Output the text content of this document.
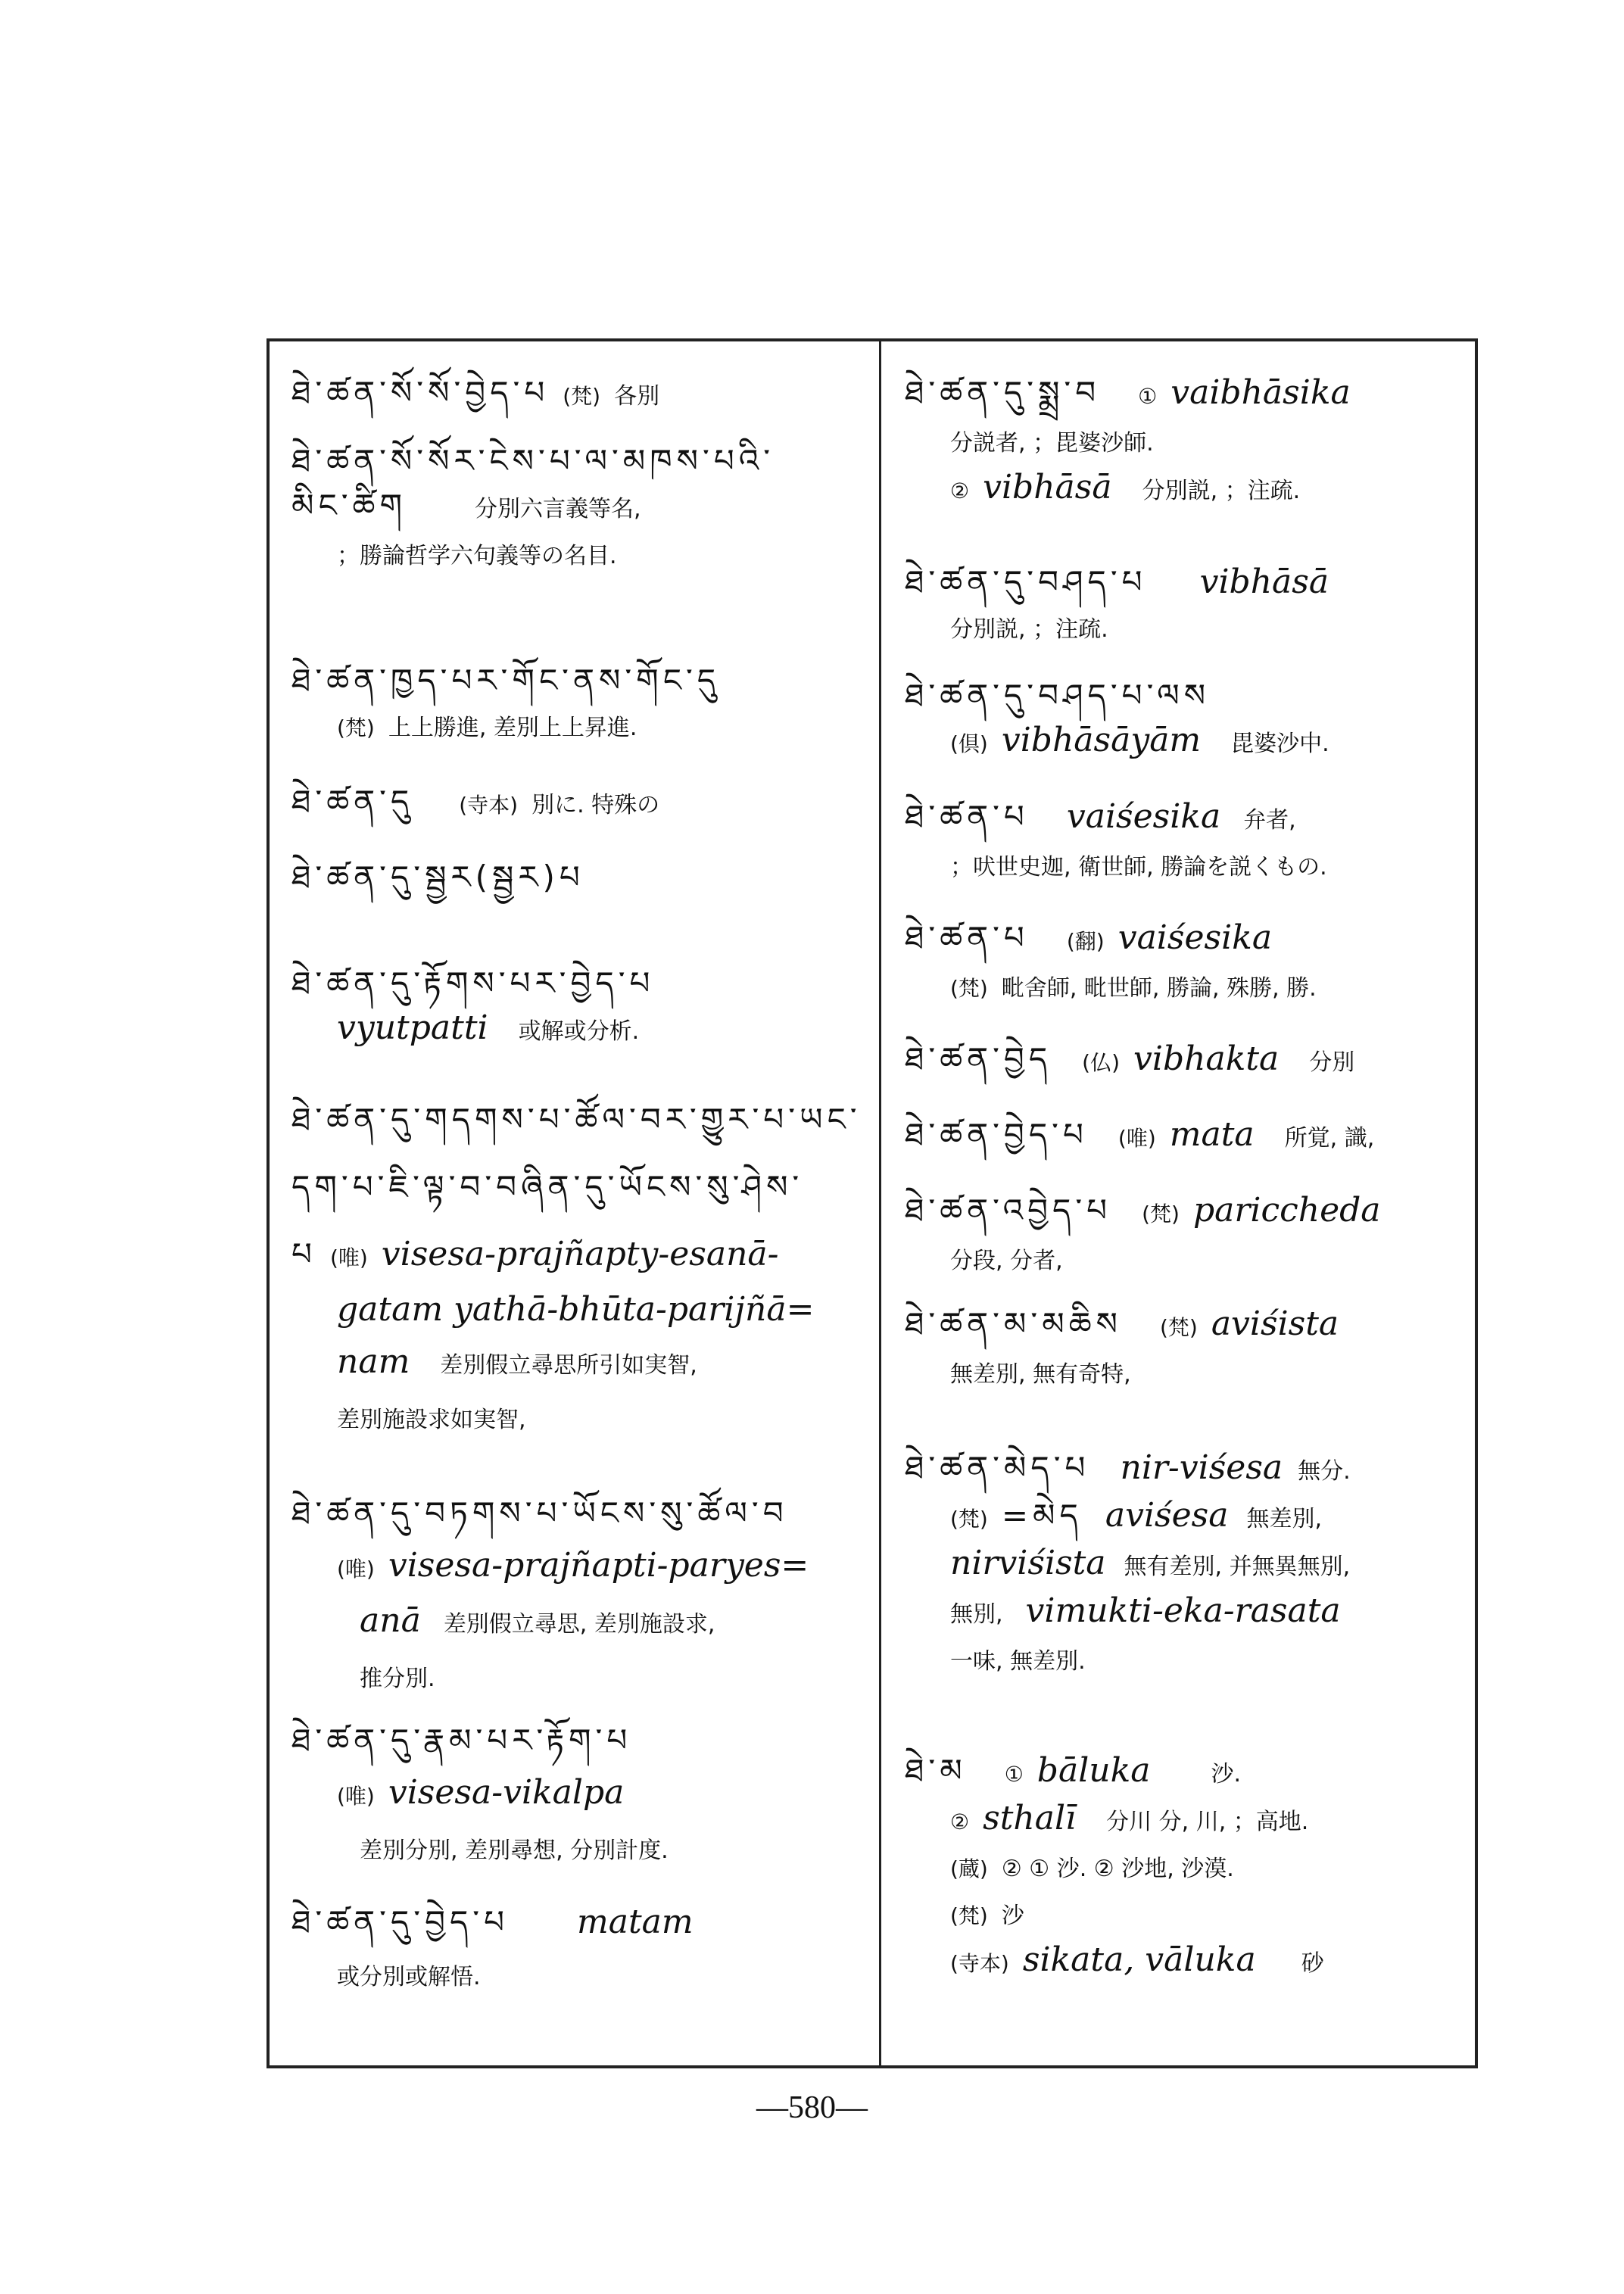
ཐེ་ཚན་སོ་སོ་བྱེད་པ (梵) 各別
ཐེ་ཚན་སོ་སོར་ངེས་པ་ལ་མཁས་པའི་
མིང་ཚིག	分別六言義等名,
；勝論哲学六句義等の名目.
ཐེ་ཚན་ཁྱད་པར་གོང་ནས་གོང་དུ
(梵) 上上勝進, 差別上上昇進.
ཐེ་ཚན་དུ (寺本) 別に. 特殊の
ཐེ་ཚན་དུ་སྦྱར(སྦྱར)པ
ཐེ་ཚན་དུ་རྟོགས་པར་བྱེད་པ
vyutpatti 或解或分析.
ཐེ་ཚན་དུ་གདགས་པ་ཚོལ་བར་གྱུར་པ་ཡང་
དག་པ་ཇི་ལྟ་བ་བཞིན་དུ་ཡོངས་སུ་ཤེས་
པ (唯) visesa-prajñapty-esanā-
gatam yathā-bhūta-parijñā=
nam 差別假立尋思所引如実智,
差別施設求如実智,
ཐེ་ཚན་དུ་བཏགས་པ་ཡོངས་སུ་ཚོལ་བ
(唯) visesa-prajñapti-paryes=
anā 差別假立尋思, 差別施設求,
推分別.
ཐེ་ཚན་དུ་རྣམ་པར་རྟོག་པ
(唯) visesa-vikalpa
差別分別, 差別尋想, 分別計度.
ཐེ་ཚན་དུ་བྱེད་པ matam
或分別或解悟.
ཐེ་ཚན་དུ་སྨྲ་བ ① vaibhāsika
分説者, ；毘婆沙師.
② vibhāsā 分別説, ；注疏.
ཐེ་ཚན་དུ་བཤད་པ vibhāsā
分別説, ；注疏.
ཐེ་ཚན་དུ་བཤད་པ་ལས
(倶) vibhāsāyām 毘婆沙中.
ཐེ་ཚན་པ vaiśesika 弁者,
；吠世史迦, 衛世師, 勝論を説くもの.
ཐེ་ཚན་པ (翻) vaiśesika
(梵) 毗舍師, 毗世師, 勝論, 殊勝, 勝.
ཐེ་ཚན་བྱེད (仏) vibhakta 分別
ཐེ་ཚན་བྱེད་པ (唯) mata 所覚, 識,
ཐེ་ཚན་འབྱེད་པ (梵) paricchеda
分段, 分者,
ཐེ་ཚན་མ་མཆིས (梵) aviśista
無差別, 無有奇特,
ཐེ་ཚན་མེད་པ nir-viśesa 無分.
(梵) =མེད aviśesa 無差別,
nirviśista 無有差別, 并無異無別,
無別, vimukti-eka-rasata
一味, 無差別.
ཐེ་མ ① bāluka	沙.
② sthalī 分川 分, 川, ；高地.
(蔵) ② ① 沙. ② 沙地, 沙漠.
(梵) 沙
(寺本) sikata, vāluka 砂
—580—
